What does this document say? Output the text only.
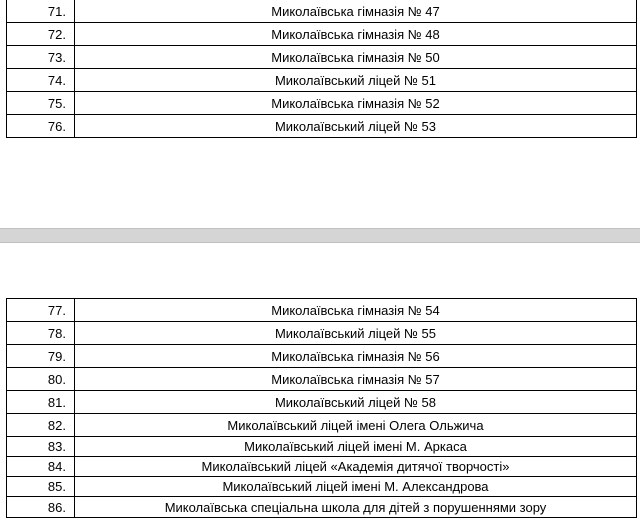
71.	Миколаївська гімназія № 47
72.	Миколаївська гімназія № 48
73.	Миколаївська гімназія № 50
74.	Миколаївський ліцей № 51
75.	Миколаївська гімназія № 52
76.	Миколаївський ліцей № 53
77.	Миколаївська гімназія № 54
78.	Миколаївський ліцей № 55
79.	Миколаївська гімназія № 56
80.	Миколаївська гімназія № 57
81.	Миколаївський ліцей № 58
82.	Миколаївський ліцей імені Олега Ольжича
83.	Миколаївський ліцей імені М. Аркаса
84.	Миколаївський ліцей «Академія дитячої творчості»
85.	Миколаївський ліцей імені М. Александрова
86.	Миколаївська спеціальна школа для дітей з порушеннями зору
